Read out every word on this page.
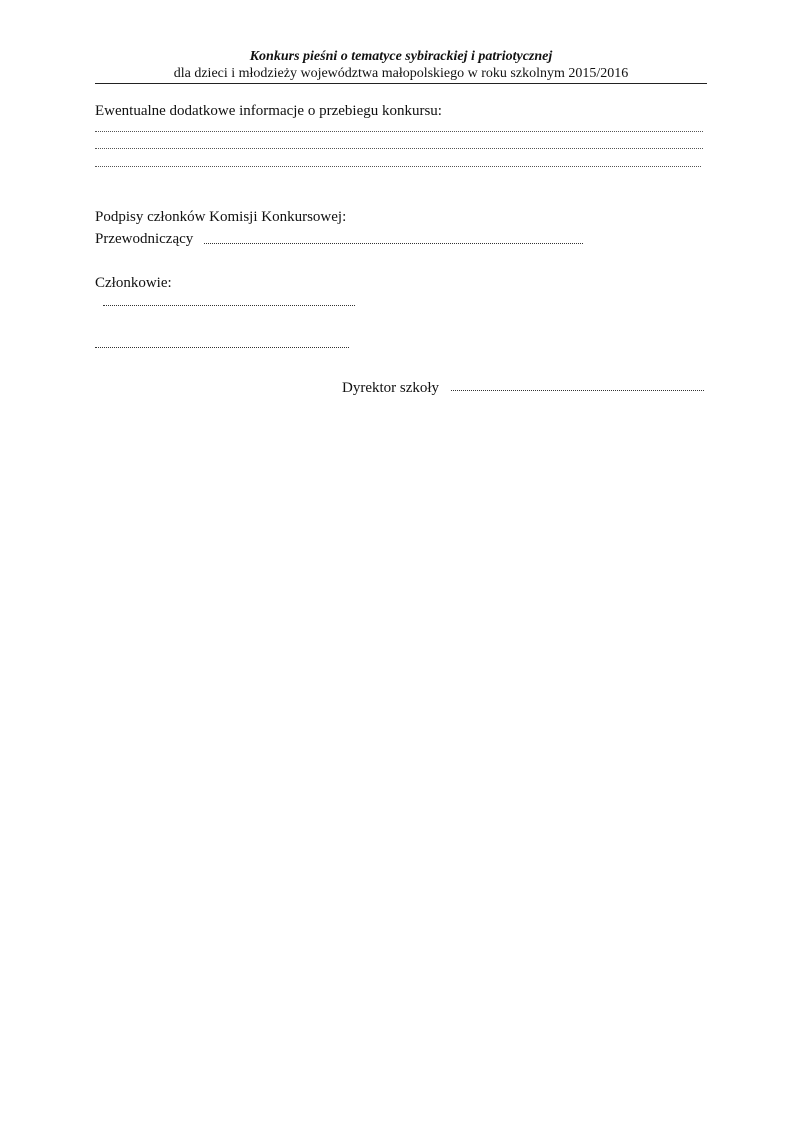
Konkurs pieśni o tematyce sybirackiej i patriotycznej
dla dzieci i młodzieży województwa małopolskiego w roku szkolnym 2015/2016
Ewentualne dodatkowe informacje o przebiegu konkursu:
Podpisy członków Komisji Konkursowej:
Przewodniczący
Członkowie:
Dyrektor szkoły
